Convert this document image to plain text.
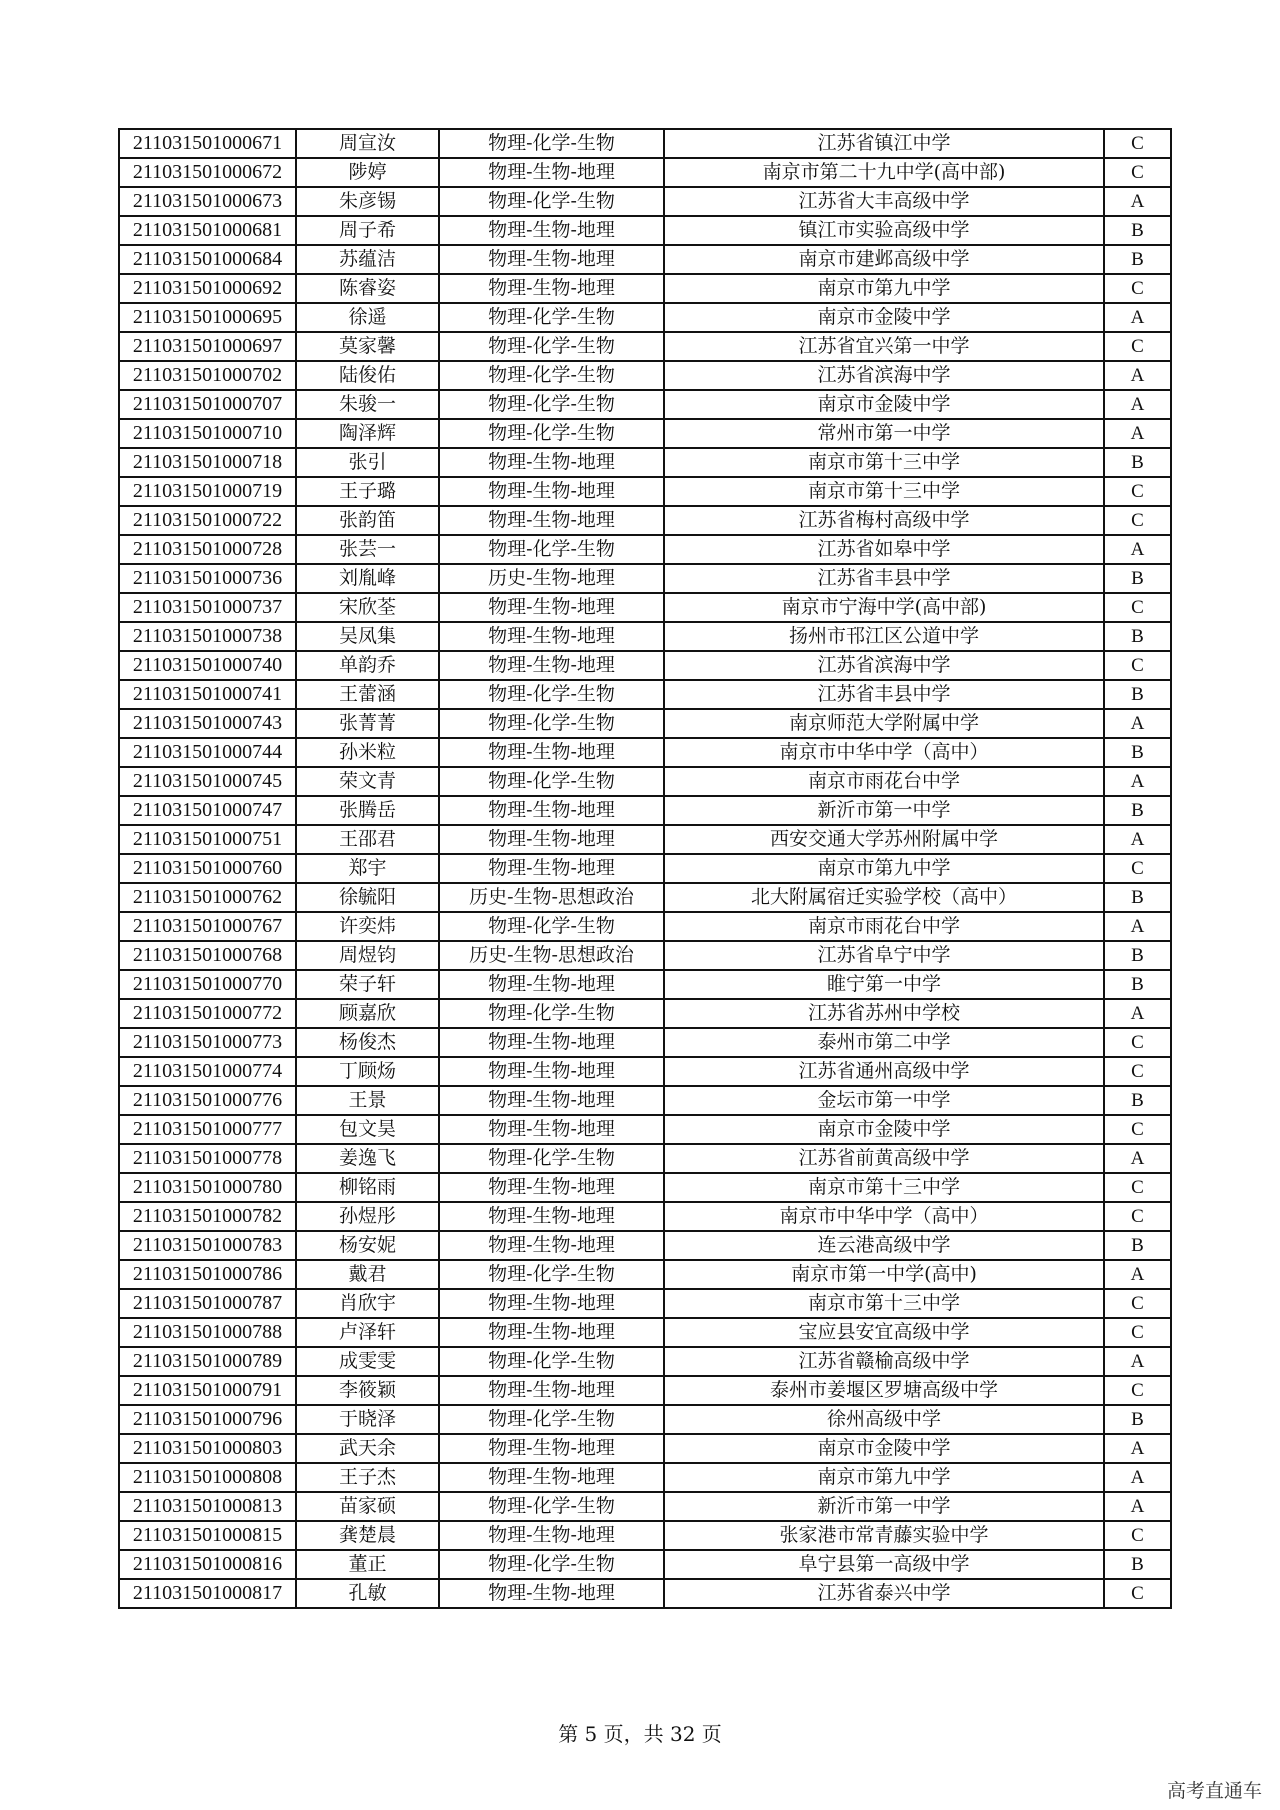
211031501000671	周宣汝	物理-化学-生物	江苏省镇江中学	C
211031501000672	陟婷	物理-生物-地理	南京市第二十九中学(高中部)	C
211031501000673	朱彦锡	物理-化学-生物	江苏省大丰高级中学	A
211031501000681	周子希	物理-生物-地理	镇江市实验高级中学	B
211031501000684	苏蕴洁	物理-生物-地理	南京市建邺高级中学	B
211031501000692	陈睿姿	物理-生物-地理	南京市第九中学	C
211031501000695	徐遥	物理-化学-生物	南京市金陵中学	A
211031501000697	莫家馨	物理-化学-生物	江苏省宜兴第一中学	C
211031501000702	陆俊佑	物理-化学-生物	江苏省滨海中学	A
211031501000707	朱骏一	物理-化学-生物	南京市金陵中学	A
211031501000710	陶泽辉	物理-化学-生物	常州市第一中学	A
211031501000718	张引	物理-生物-地理	南京市第十三中学	B
211031501000719	王子璐	物理-生物-地理	南京市第十三中学	C
211031501000722	张韵笛	物理-生物-地理	江苏省梅村高级中学	C
211031501000728	张芸一	物理-化学-生物	江苏省如皋中学	A
211031501000736	刘胤峰	历史-生物-地理	江苏省丰县中学	B
211031501000737	宋欣荃	物理-生物-地理	南京市宁海中学(高中部)	C
211031501000738	吴凤集	物理-生物-地理	扬州市邗江区公道中学	B
211031501000740	单韵乔	物理-生物-地理	江苏省滨海中学	C
211031501000741	王蕾涵	物理-化学-生物	江苏省丰县中学	B
211031501000743	张菁菁	物理-化学-生物	南京师范大学附属中学	A
211031501000744	孙米粒	物理-生物-地理	南京市中华中学（高中）	B
211031501000745	荣文青	物理-化学-生物	南京市雨花台中学	A
211031501000747	张腾岳	物理-生物-地理	新沂市第一中学	B
211031501000751	王邵君	物理-生物-地理	西安交通大学苏州附属中学	A
211031501000760	郑宇	物理-生物-地理	南京市第九中学	C
211031501000762	徐毓阳	历史-生物-思想政治	北大附属宿迁实验学校（高中）	B
211031501000767	许奕炜	物理-化学-生物	南京市雨花台中学	A
211031501000768	周煜钧	历史-生物-思想政治	江苏省阜宁中学	B
211031501000770	荣子轩	物理-生物-地理	睢宁第一中学	B
211031501000772	顾嘉欣	物理-化学-生物	江苏省苏州中学校	A
211031501000773	杨俊杰	物理-生物-地理	泰州市第二中学	C
211031501000774	丁顾炀	物理-生物-地理	江苏省通州高级中学	C
211031501000776	王景	物理-生物-地理	金坛市第一中学	B
211031501000777	包文昊	物理-生物-地理	南京市金陵中学	C
211031501000778	姜逸飞	物理-化学-生物	江苏省前黄高级中学	A
211031501000780	柳铭雨	物理-生物-地理	南京市第十三中学	C
211031501000782	孙煜彤	物理-生物-地理	南京市中华中学（高中）	C
211031501000783	杨安妮	物理-生物-地理	连云港高级中学	B
211031501000786	戴君	物理-化学-生物	南京市第一中学(高中)	A
211031501000787	肖欣宇	物理-生物-地理	南京市第十三中学	C
211031501000788	卢泽轩	物理-生物-地理	宝应县安宜高级中学	C
211031501000789	成雯雯	物理-化学-生物	江苏省赣榆高级中学	A
211031501000791	李筱颖	物理-生物-地理	泰州市姜堰区罗塘高级中学	C
211031501000796	于晓泽	物理-化学-生物	徐州高级中学	B
211031501000803	武天余	物理-生物-地理	南京市金陵中学	A
211031501000808	王子杰	物理-生物-地理	南京市第九中学	A
211031501000813	苗家硕	物理-化学-生物	新沂市第一中学	A
211031501000815	龚楚晨	物理-生物-地理	张家港市常青藤实验中学	C
211031501000816	董正	物理-化学-生物	阜宁县第一高级中学	B
211031501000817	孔敏	物理-生物-地理	江苏省泰兴中学	C
第 5 页，共 32 页
高考直通车
